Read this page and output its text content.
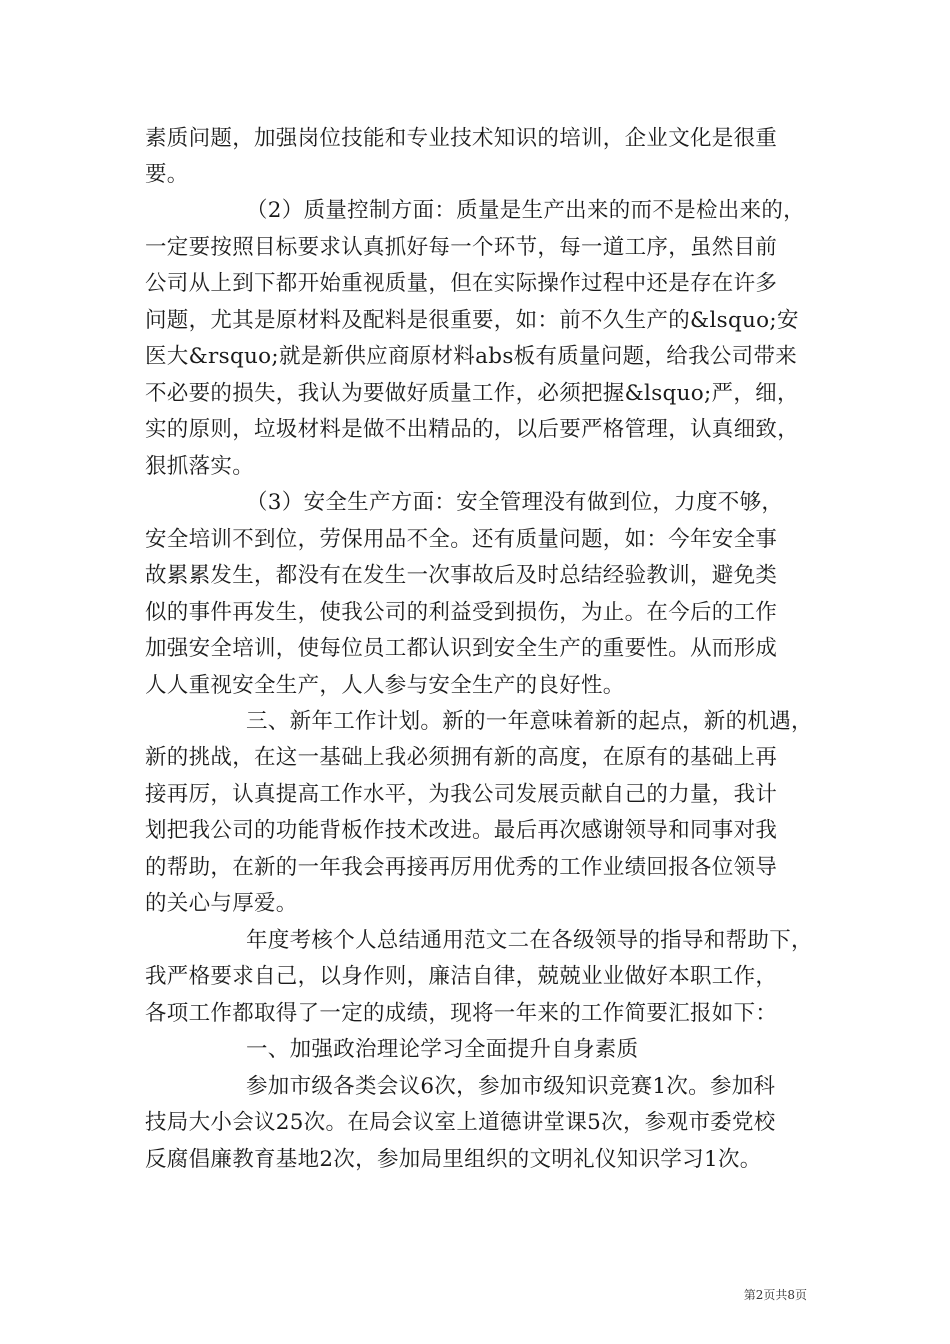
素质问题，加强岗位技能和专业技术知识的培训，企业文化是很重
要。
（2）质量控制方面：质量是生产出来的而不是检出来的，
一定要按照目标要求认真抓好每一个环节，每一道工序，虽然目前
公司从上到下都开始重视质量，但在实际操作过程中还是存在许多
问题，尤其是原材料及配料是很重要，如：前不久生产的&lsquo;安
医大&rsquo;就是新供应商原材料abs板有质量问题，给我公司带来
不必要的损失，我认为要做好质量工作，必须把握&lsquo;严，细，
实的原则，垃圾材料是做不出精品的，以后要严格管理，认真细致，
狠抓落实。
（3）安全生产方面：安全管理没有做到位，力度不够，
安全培训不到位，劳保用品不全。还有质量问题，如：今年安全事
故累累发生，都没有在发生一次事故后及时总结经验教训，避免类
似的事件再发生，使我公司的利益受到损伤，为止。在今后的工作
加强安全培训，使每位员工都认识到安全生产的重要性。从而形成
人人重视安全生产，人人参与安全生产的良好性。
三、新年工作计划。新的一年意味着新的起点，新的机遇，
新的挑战，在这一基础上我必须拥有新的高度，在原有的基础上再
接再厉，认真提高工作水平，为我公司发展贡献自己的力量，我计
划把我公司的功能背板作技术改进。最后再次感谢领导和同事对我
的帮助，在新的一年我会再接再厉用优秀的工作业绩回报各位领导
的关心与厚爱。
年度考核个人总结通用范文二在各级领导的指导和帮助下，
我严格要求自己，以身作则，廉洁自律，兢兢业业做好本职工作，
各项工作都取得了一定的成绩，现将一年来的工作简要汇报如下：
一、加强政治理论学习全面提升自身素质
参加市级各类会议6次，参加市级知识竞赛1次。参加科
技局大小会议25次。在局会议室上道德讲堂课5次，参观市委党校
反腐倡廉教育基地2次，参加局里组织的文明礼仪知识学习1次。
第2页共8页
